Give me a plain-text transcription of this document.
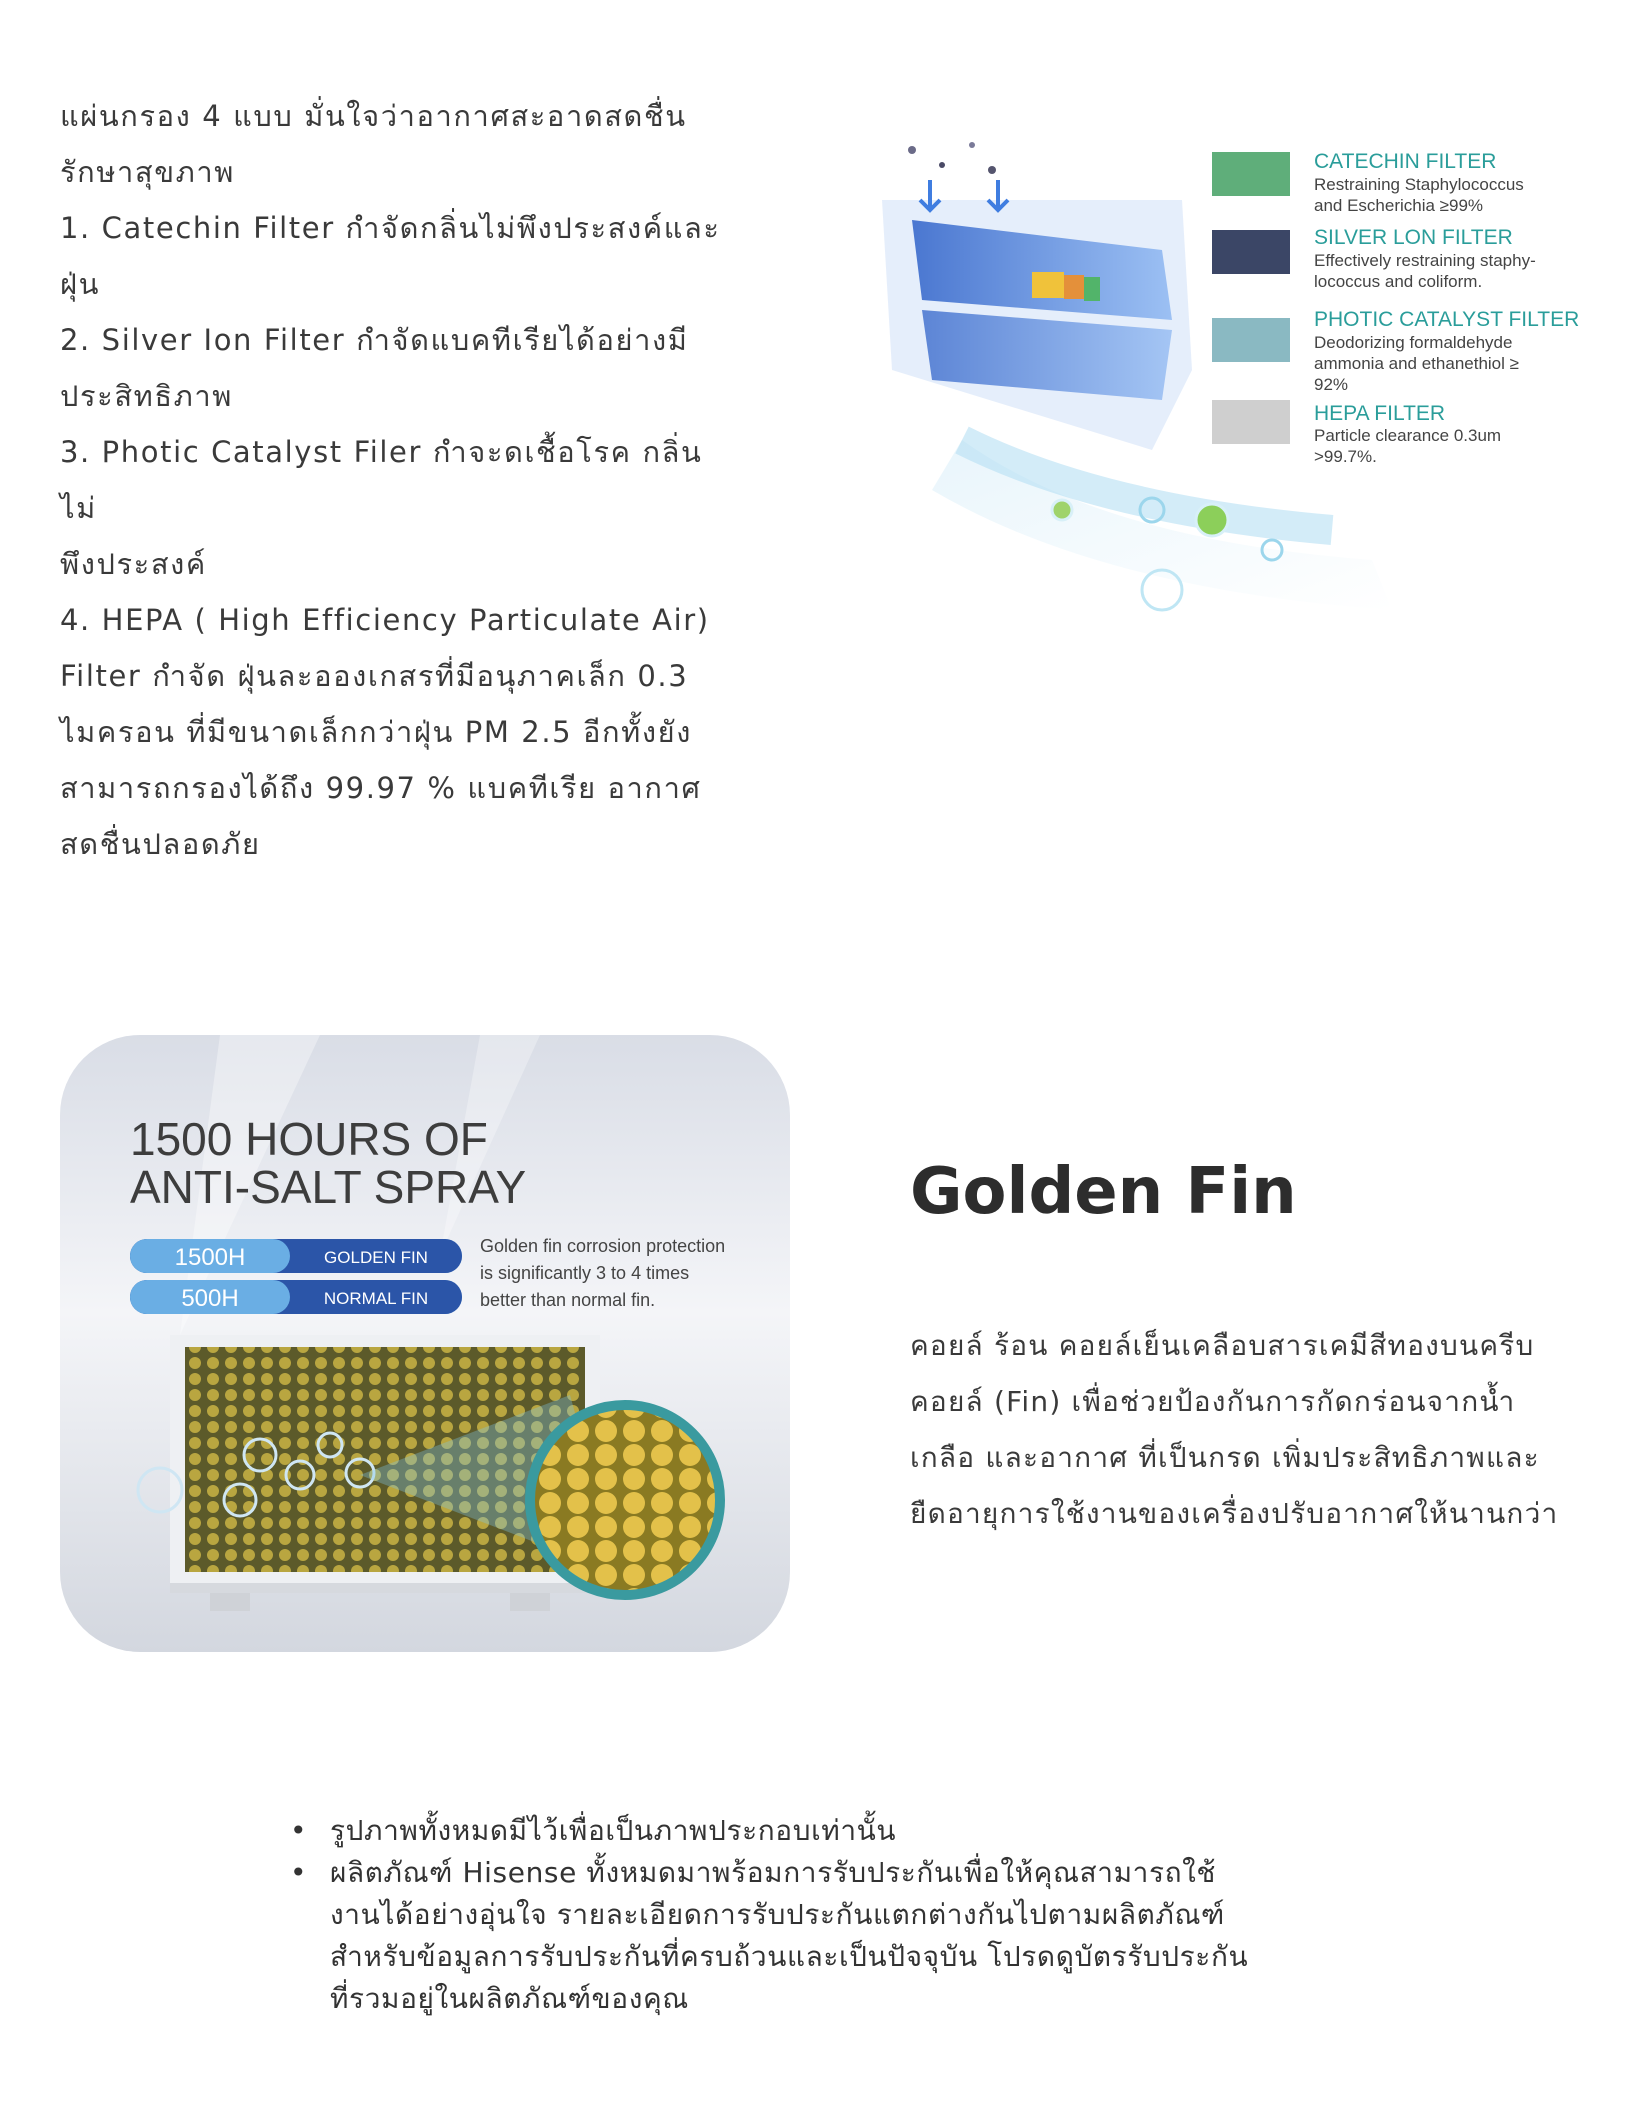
แผ่นกรอง 4 แบบ มั่นใจว่าอากาศสะอาดสดชื่น

รักษาสุขภาพ

1. Catechin Filter กำจัดกลิ่นไม่พึงประสงค์และ

ฝุ่น

2. Silver Ion Filter กำจัดแบคทีเรียได้อย่างมี

ประสิทธิภาพ

3. Photic Catalyst Filer กำจะดเชื้อโรค กลิ่นไม่

พึงประสงค์

4. HEPA ( High Efficiency Particulate Air)

Filter กำจัด ฝุ่นละอองเกสรที่มีอนุภาคเล็ก 0.3

ไมครอน ที่มีขนาดเล็กกว่าฝุ่น PM 2.5 อีกทั้งยัง

สามารถกรองได้ถึง 99.97 % แบคทีเรีย อากาศ

สดชื่นปลอดภัย

CATECHIN FILTER
Restraining Staphylococcus
and Escherichia ≥99%
SILVER LON FILTER
Effectively restraining staphy-
lococcus and coliform.
PHOTIC CATALYST FILTER
Deodorizing formaldehyde
ammonia and ethanethiol ≥
92%
HEPA FILTER
Particle clearance 0.3um
>99.7%.
1500 HOURS OF
ANTI-SALT SPRAY
1500H	GOLDEN FIN
500H	NORMAL FIN
Golden fin corrosion protection
is significantly 3 to 4 times
better than normal fin.
Golden Fin

คอยล์ ร้อน คอยล์เย็นเคลือบสารเคมีสีทองบนครีบ

คอยล์ (Fin) เพื่อช่วยป้องกันการกัดกร่อนจากน้ำ

เกลือ และอากาศ ที่เป็นกรด เพิ่มประสิทธิภาพและ

ยืดอายุการใช้งานของเครื่องปรับอากาศให้นานกว่า

• รูปภาพทั้งหมดมีไว้เพื่อเป็นภาพประกอบเท่านั้น
• ผลิตภัณฑ์ Hisense ทั้งหมดมาพร้อมการรับประกันเพื่อให้คุณสามารถใช้
งานได้อย่างอุ่นใจ รายละเอียดการรับประกันแตกต่างกันไปตามผลิตภัณฑ์
สำหรับข้อมูลการรับประกันที่ครบถ้วนและเป็นปัจจุบัน โปรดดูบัตรรับประกัน
ที่รวมอยู่ในผลิตภัณฑ์ของคุณ
